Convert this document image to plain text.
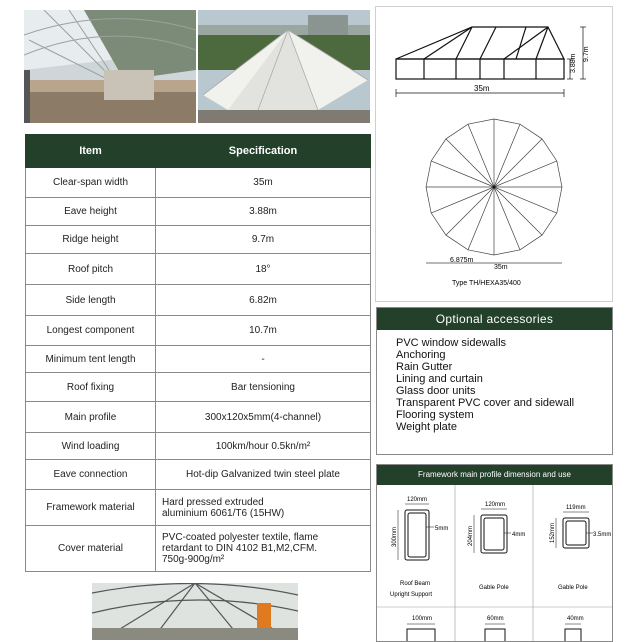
Item	Specification
Clear-span width	35m
Eave height	3.88m
Ridge height	9.7m
Roof pitch	18°
Side length	6.82m
Longest component	10.7m
Minimum tent length	-
Roof fixing	Bar tensioning
Main profile	300x120x5mm(4-channel)
Wind loading	100km/hour 0.5kn/m²
Eave connection	Hot-dip Galvanized twin steel plate
Framework material	Hard pressed extruded
aluminium 6061/T6 (15HW)
Cover material	PVC-coated polyester textile, flame
retardant to DIN 4102 B1,M2,CFM.
750g-900g/m²
3.88m 9.7m
35m
6.875m
35m
Type TH/HEXA35/400
Optional accessories
PVC window sidewalls
Anchoring
Rain Gutter
Lining and curtain
Glass door units
Transparent PVC cover and sidewall
Flooring system
Weight plate
Framework main profile dimension and use
120mm
300mm	5mm
Roof Beam
Upright Support
120mm
204mm	4mm
Gable Pole
119mm
152mm	3.5mm
Gable Pole
100mm	60mm	40mm
